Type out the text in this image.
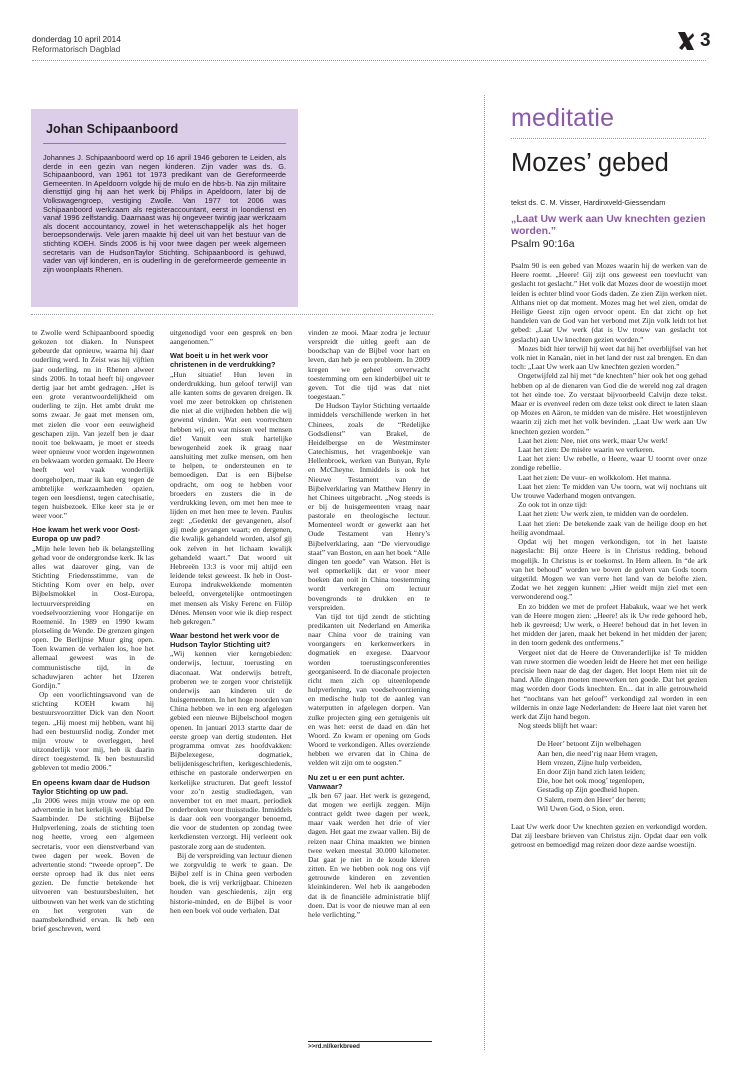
donderdag 10 april 2014
Reformatorisch Dagblad	3
Johan Schipaanboord

Johannes J. Schipaanboord werd op 16 april 1946 geboren te Leiden, als derde in een gezin van negen kinderen. Zijn vader was ds. G. Schipaanboord, van 1961 tot 1973 predikant van de Gereformeerde Gemeenten. In Apeldoorn volgde hij de mulo en de hbs-b. Na zijn militaire diensttijd ging hij aan het werk bij Philips in Apeldoorn, later bij de Volkswagengroep, vestiging Zwolle. Van 1977 tot 2006 was Schipaanboord werkzaam als registeraccountant, eerst in loondienst en vanaf 1996 zelfstandig. Daarnaast was hij ongeveer twintig jaar werkzaam als docent accountancy, zowel in het wetenschappelijk als het hoger beroepsonderwijs. Vele jaren maakte hij deel uit van het bestuur van de stichting KOEH. Sinds 2006 is hij voor twee dagen per week algemeen secretaris van de HudsonTaylor Stichting. Schipaanboord is gehuwd, vader van vijf kinderen, en is ouderling in de gereformeerde gemeente in zijn woonplaats Rhenen.

te Zwolle werd Schipaanboord spoedig gekozen tot diaken. In Nunspeet gebeurde dat opnieuw, waarna hij daar ouderling werd. In Zeist was hij vijftien jaar ouderling, nu in Rhenen alweer sinds 2006. In totaal heeft hij ongeveer dertig jaar het ambt gedragen. „Het is een grote verantwoordelijkheid om ouderling te zijn. Het ambt drukt me soms zwaar. Je gaat met mensen om, met zielen die voor een eeuwigheid geschapen zijn. Van jezelf ben je daar nooit toe bekwaam, je moet er steeds weer opnieuw voor worden ingewonnen en bekwaam worden gemaakt. De Heere heeft wel vaak wonderlijk doorgeholpen, maar ik kan erg tegen de ambtelijke werkzaamheden opzien, tegen een leesdienst, tegen catechisatie, tegen huisbezoek. Elke keer sta je er weer voor.”

Hoe kwam het werk voor Oost-Europa op uw pad?

„Mijn hele leven heb ik belangstelling gehad voor de ondergrondse kerk. Ik las alles wat daarover ging, van de Stichting Friedensstimme, van de Stichting Kom over en help, over Bijbelsmokkel in Oost-Europa, lectuurverspreiding en voedselvoorziening voor Hongarije en Roemenië. In 1989 en 1990 kwam plotseling de Wende. De grenzen gingen open. De Berlijnse Muur ging open. Toen kwamen de verhalen los, hoe het allemaal geweest was in de communistische tijd, in de schaduwjaren achter het IJzeren Gordijn.”

Op een voorlichtingsavond van de stichting KOEH kwam hij bestuursvoorzitter Dick van den Noort tegen. „Hij moest mij hebben, want hij had een bestuurslid nodig. Zonder met mijn vrouw te overleggen, heel uitzonderlijk voor mij, heb ik daarin direct toegestemd. Ik ben bestuurslid gebleven tot medio 2006.”

En opeens kwam daar de Hudson Taylor Stichting op uw pad.

„In 2006 wees mijn vrouw me op een advertentie in het kerkelijk weekblad De Saambinder. De stichting Bijbelse Hulpverlening, zoals de stichting toen nog heette, vroeg een algemeen secretaris, voor een dienstverband van twee dagen per week. Boven de advertentie stond: “tweede oproep”. De eerste oproep had ik dus niet eens gezien. De functie betekende het uitvoeren van bestuursbesluiten, het uitbouwen van het werk van de stichting en het vergroten van de naamsbekendheid ervan. Ik heb een brief geschreven, werd

uitgenodigd voor een gesprek en ben aangenomen.”

Wat boeit u in het werk voor christenen in de verdrukking?

„Hun situatie! Hun leven in onderdrukking, hun geloof terwijl van alle kanten soms de gevaren dreigen. Ik voel me zeer betrokken op christenen die niet al die vrijheden hebben die wij gewend vinden. Wat een voorrechten hebben wij, en wat missen veel mensen die! Vanuit een stuk hartelijke bewogenheid zoek ik graag naar aansluiting met zulke mensen, om hen te helpen, te ondersteunen en te bemoedigen. Dat is een Bijbelse opdracht, om oog te hebben voor broeders en zusters die in de verdrukking leven, om met hen mee te lijden en met hen mee te leven. Paulus zegt: „Gedenkt der gevangenen, alsof gij mede gevangen waart; en dergenen, die kwalijk gehandeld worden, alsof gij ook zelven in het lichaam kwalijk gehandeld waart.” Dat woord uit Hebreeën 13:3 is voor mij altijd een leidende tekst geweest. Ik heb in Oost-Europa indrukwekkende momenten beleefd, onvergetelijke ontmoetingen met mensen als Visky Ferenc en Fülöp Dénes. Mensen voor wie ik diep respect heb gekregen.”

Waar bestond het werk voor de Hudson Taylor Stichting uit?

„Wij kennen vier kerngebieden: onderwijs, lectuur, toerusting en diaconaat. Wat onderwijs betreft, proberen we te zorgen voor christelijk onderwijs aan kinderen uit de huisgemeenten. In het hoge noorden van China hebben we in een erg afgelegen gebied een nieuwe Bijbelschool mogen openen. In januari 2013 startte daar de eerste groep van dertig studenten. Het programma omvat zes hoofdvakken: Bijbelexegese, dogmatiek, belijdenisgeschriften, kerkgeschiedenis, ethische en pastorale onderwerpen en kerkelijke structuren. Dat geeft lesstof voor zo’n zestig studiedagen, van november tot en met maart, periodiek onderbroken voor thuisstudie. Inmiddels is daar ook een voorganger benoemd, die voor de studenten op zondag twee kerkdiensten verzorgt. Hij verleent ook pastorale zorg aan de studenten.

Bij de verspreiding van lectuur dienen we zorgvuldig te werk te gaan. De Bijbel zelf is in China geen verboden boek, die is vrij verkrijgbaar. Chinezen houden van geschiedenis, zijn erg historie-minded, en de Bijbel is voor hen een boek vol oude verhalen. Dat

vinden ze mooi. Maar zodra je lectuur verspreidt die uitleg geeft aan de boodschap van de Bijbel voor hart en leven, dan heb je een probleem. In 2009 kregen we geheel onverwacht toestemming om een kinderbijbel uit te geven. Tot die tijd was dat niet toegestaan.”

De Hudson Taylor Stichting vertaalde inmiddels verschillende werken in het Chinees, zoals de “Redelijke Godsdienst” van Brakel, de Heidelbergse en de Westminster Catechismus, het vragenboekje van Hellenbroek, werken van Bunyan, Ryle en McCheyne. Inmiddels is ook het Nieuwe Testament van de Bijbelverklaring van Matthew Henry in het Chinees uitgebracht. „Nog steeds is er bij de huisgemeenten vraag naar pastorale en theologische lectuur. Momenteel wordt er gewerkt aan het Oude Testament van Henry’s Bijbelverklaring, aan “De viervoudige staat” van Boston, en aan het boek “Alle dingen ten goede” van Watson. Het is wel opmerkelijk dat er voor meer boeken dan ooit in China toestemming wordt verkregen om lectuur bovengronds te drukken en te verspreiden.

Van tijd tot tijd zendt de stichting predikanten uit Nederland en Amerika naar China voor de training van voorgangers en kerkenwerkers in dogmatiek en exegese. Daarvoor worden toerustingsconferenties georganiseerd. In de diaconale projecten richt men zich op uiteenlopende hulpverlening, van voedselvoorziening en medische hulp tot de aanleg van waterputten in afgelegen dorpen. Van zulke projecten ging een getuigenis uit en was het: eerst de daad en dán het Woord. Zo kwam er opening om Gods Woord te verkondigen. Alles overziende hebben we ervaren dat in China de velden wit zijn om te oogsten.”

Nu zet u er een punt achter. Vanwaar?

„Ik ben 67 jaar. Het werk is gezegend, dat mogen we eerlijk zeggen. Mijn contract geldt twee dagen per week, maar vaak werden het drie of vier dagen. Het gaat me zwaar vallen. Bij de reizen naar China maakten we binnen twee weken meestal 30.000 kilometer. Dat gaat je niet in de koude kleren zitten. En we hebben ook nog ons vijf getrouwde kinderen en zeventien kleinkinderen. Wel heb ik aangeboden dat ik de financiële administratie blijf doen. Dat is voor de nieuwe man al een hele verlichting.”

>>rd.nl/kerkbreed
meditatie
Mozes’ gebed
tekst ds. C. M. Visser, Hardinxveld-Giessendam
„Laat Uw werk aan Uw knechten gezien worden.”
Psalm 90:16a

Psalm 90 is een gebed van Mozes waarin hij de werken van de Heere roemt. „Heere! Gij zijt ons geweest een toevlucht van geslacht tot geslacht.” Het volk dat Mozes door de woestijn moet leiden is echter blind voor Gods daden. Ze zien Zijn werken niet. Althans niet op dat moment. Mozes mag het wel zien, omdat de Heilige Geest zijn ogen ervoor opent. En dat zicht op het handelen van de God van het verbond met Zijn volk leidt tot het gebed: „Laat Uw werk (dat is Uw trouw van geslacht tot geslacht) aan Uw knechten gezien worden.”

Mozes bidt hier terwijl hij weet dat hij het overblijfsel van het volk niet in Kanaän, niet in het land der rust zal brengen. En dan toch: „Laat Uw werk aan Uw knechten gezien worden.”

Ongetwijfeld zal hij met “de knechten” hier ook het oog gehad hebben op al de dienaren van God die de wereld nog zal dragen tot het einde toe. Zo verstaat bijvoorbeeld Calvijn deze tekst. Maar er is evenveel reden om deze tekst ook direct te laten slaan op Mozes en Aäron, te midden van de misère. Het woestijnleven waarin zij zich met het volk bevinden. „Laat Uw werk aan Uw knechten gezien worden.”

Laat het zien: Nee, niet ons werk, maar Uw werk!

Laat het zien: De misère waarin we verkeren.

Laat het zien: Uw rebelle, o Heere, waar U toornt over onze zondige rebellie.

Laat het zien: De vuur- en wolkkolom. Het manna.

Laat het zien: Te midden van Uw toorn, wat wij nochtans uit Uw trouwe Vaderhand mogen ontvangen.

Zo ook tot in onze tijd:

Laat het zien: Uw werk zien, te midden van de oordelen.

Laat het zien: De betekende zaak van de heilige doop en het heilig avondmaal.

Opdat wij het mogen verkondigen, tot in het laatste nageslacht: Bij onze Heere is in Christus redding, behoud mogelijk. In Christus is er toekomst. In Hem alleen. In “de ark van het behoud” worden we boven de golven van Gods toorn uitgetild. Mogen we van verre het land van de belofte zien. Zodat we het zeggen kunnen: „Hier weidt mijn ziel met een verwonderend oog.”

En zo bidden we met de profeet Habakuk, waar we het werk van de Heere mogen zien: „Heere! als ik Uw rede gehoord heb, heb ik gevreesd; Uw werk, o Heere! behoud dat in het leven in het midden der jaren, maak het bekend in het midden der jaren; in den toorn gedenk des ontfermens.”

Vergeet niet dat de Heere de Onveranderlijke is! Te midden van ruwe stormen die woeden leidt de Heere het met een heilige precisie heen naar de dag der dagen. Het loopt Hem niet uit de hand. Alle dingen moeten meewerken ten goede. Dat het gezien mag worden door Gods knechten. En... dat in alle getrouwheid het “nochtans van het geloof” verkondigd zal worden in een wildernis in onze lage Nederlanden: de Heere laat niet varen het werk dat Zijn hand begon.

Nog steeds blijft het waar:

De Heer’ betoont Zijn welbehagen

Aan hen, die need’rig naar Hem vragen,

Hem vrezen, Zijne hulp verbeiden,

En door Zijn hand zich laten leiden;

Die, hoe het ook moog’ tegenlopen,

Gestadig op Zijn goedheid hopen.

O Salem, roem den Heer’ der heren;

Wil Uwen God, o Sion, eren.

Laat Uw werk door Uw knechten gezien en verkondigd worden. Dat zij leesbare brieven van Christus zijn. Opdat daar een volk getroost en bemoedigd mag reizen door deze aardse woestijn.
